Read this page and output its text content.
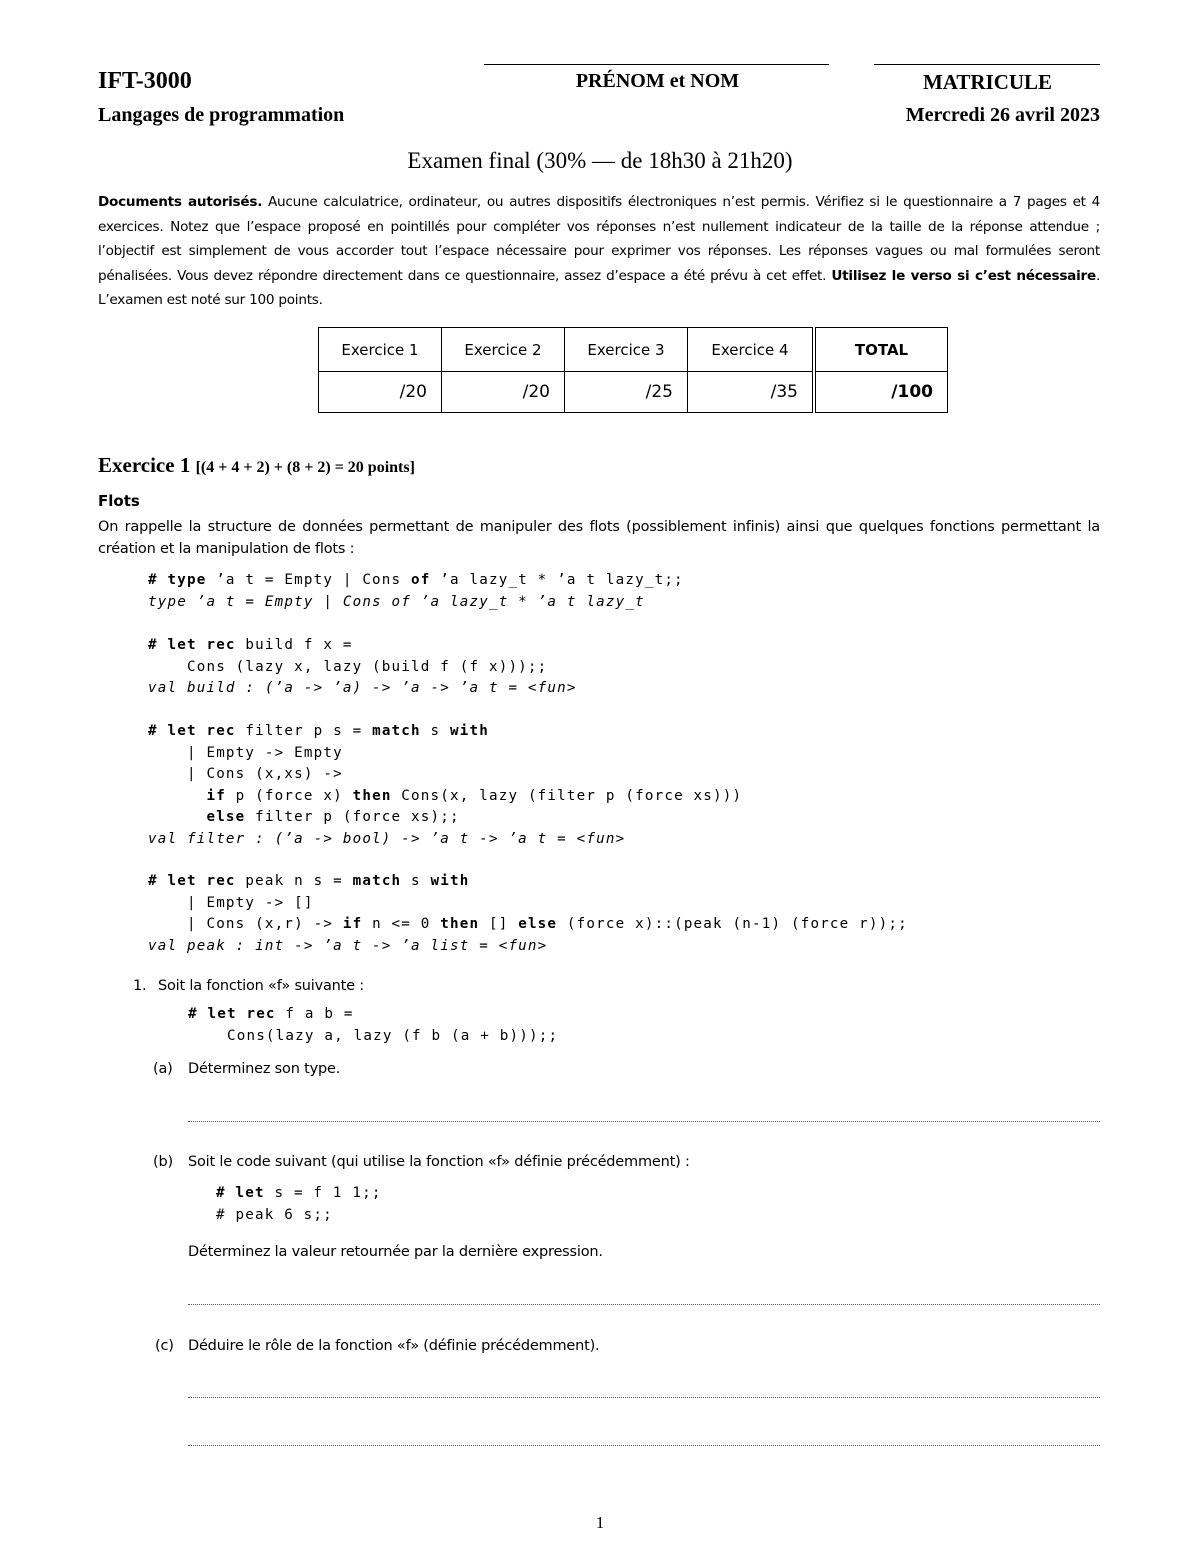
IFT-3000
Langages de programmation
PRÉNOM et NOM	MATRICULE
Mercredi 26 avril 2023
Examen final (30% — de 18h30 à 21h20)
Documents autorisés. Aucune calculatrice, ordinateur, ou autres dispositifs électroniques n’est permis. Vérifiez si le questionnaire a 7 pages et 4 exercices. Notez que l’espace proposé en pointillés pour compléter vos réponses n’est nullement indicateur de la taille de la réponse attendue ; l’objectif est simplement de vous accorder tout l’espace nécessaire pour exprimer vos réponses. Les réponses vagues ou mal formulées seront pénalisées. Vous devez répondre directement dans ce questionnaire, assez d’espace a été prévu à cet effet. Utilisez le verso si c’est nécessaire. L’examen est noté sur 100 points.
Exercice 1	Exercice 2	Exercice 3	Exercice 4	TOTAL
/20	/20	/25	/35	/100
Exercice 1 [(4 + 4 + 2) + (8 + 2) = 20 points]
Flots
On rappelle la structure de données permettant de manipuler des flots (possiblement infinis) ainsi que quelques fonctions permettant la création et la manipulation de flots :
# type ’a t = Empty | Cons of ’a lazy_t * ’a t lazy_t;;
type ’a t = Empty | Cons of ’a lazy_t * ’a t lazy_t
# let rec build f x =
Cons (lazy x, lazy (build f (f x)));;
val build : (’a -> ’a) -> ’a -> ’a t = <fun>
# let rec filter p s = match s with
| Empty -> Empty
| Cons (x,xs) ->
if p (force x) then Cons(x, lazy (filter p (force xs)))
else filter p (force xs);;
val filter : (’a -> bool) -> ’a t -> ’a t = <fun>
# let rec peak n s = match s with
| Empty -> []
| Cons (x,r) -> if n <= 0 then [] else (force x)::(peak (n-1) (force r));;
val peak : int -> ’a t -> ’a list = <fun>
1. Soit la fonction «f» suivante :
# let rec f a b =
Cons(lazy a, lazy (f b (a + b)));;
(a) Déterminez son type.
(b) Soit le code suivant (qui utilise la fonction «f» définie précédemment) :
# let s = f 1 1;;
# peak 6 s;;
Déterminez la valeur retournée par la dernière expression.
(c) Déduire le rôle de la fonction «f» (définie précédemment).
1
